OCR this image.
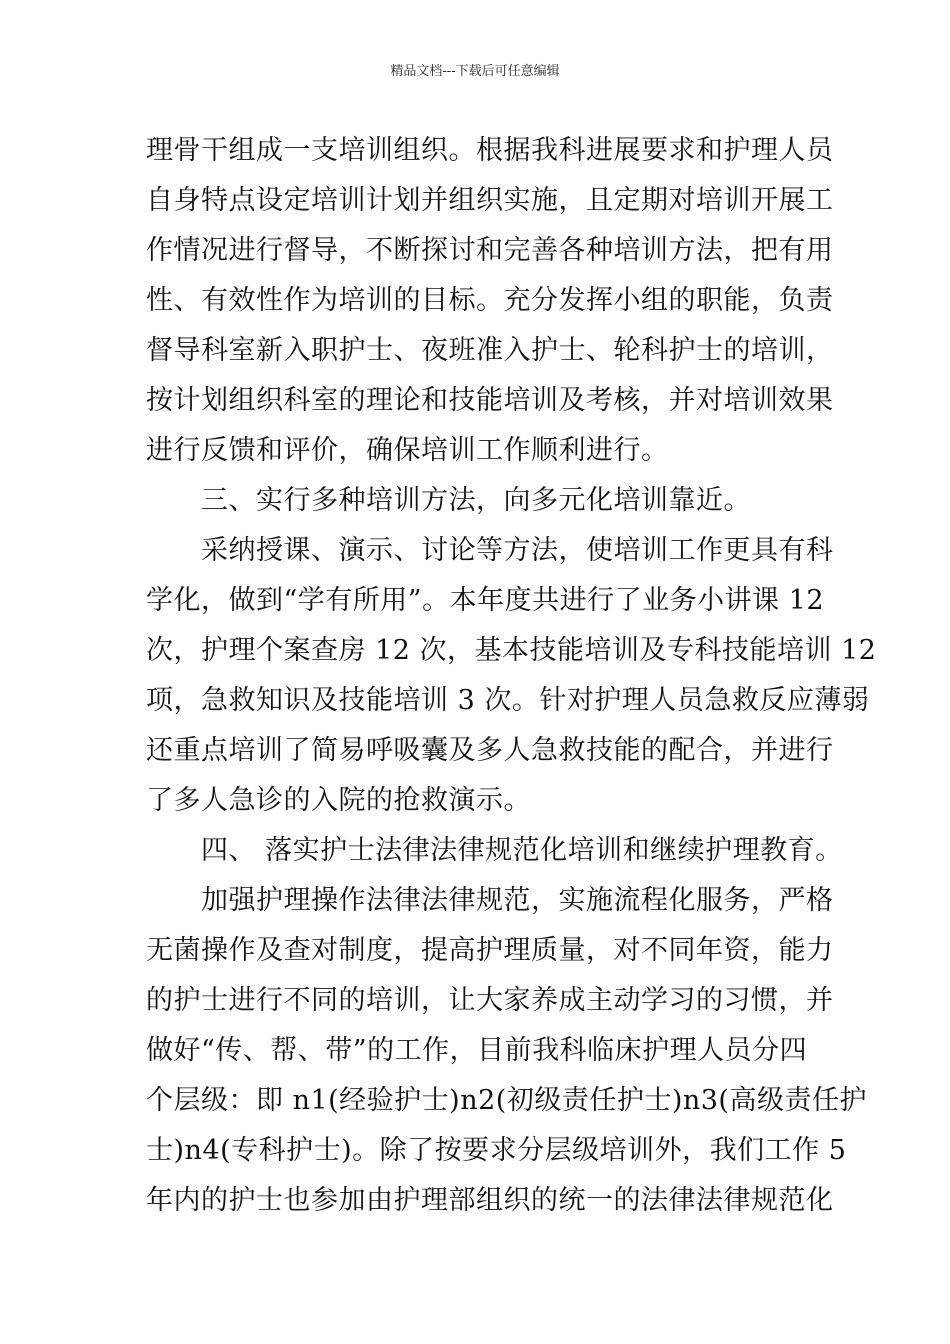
精品文档---下载后可任意编辑
理骨干组成一支培训组织。根据我科进展要求和护理人员
自身特点设定培训计划并组织实施，且定期对培训开展工
作情况进行督导，不断探讨和完善各种培训方法，把有用
性、有效性作为培训的目标。充分发挥小组的职能，负责
督导科室新入职护士、夜班准入护士、轮科护士的培训，
按计划组织科室的理论和技能培训及考核，并对培训效果
进行反馈和评价，确保培训工作顺利进行。
　　三、实行多种培训方法，向多元化培训靠近。
　　采纳授课、演示、讨论等方法，使培训工作更具有科
学化，做到“学有所用”。本年度共进行了业务小讲课 12
次，护理个案查房 12 次，基本技能培训及专科技能培训 12
项，急救知识及技能培训 3 次。针对护理人员急救反应薄弱
还重点培训了简易呼吸囊及多人急救技能的配合，并进行
了多人急诊的入院的抢救演示。
　　四、 落实护士法律法律规范化培训和继续护理教育。
　　加强护理操作法律法律规范，实施流程化服务，严格
无菌操作及查对制度，提高护理质量，对不同年资，能力
的护士进行不同的培训，让大家养成主动学习的习惯，并
做好“传、帮、带”的工作，目前我科临床护理人员分四
个层级：即 n1(经验护士)n2(初级责任护士)n3(高级责任护
士)n4(专科护士)。除了按要求分层级培训外，我们工作 5
年内的护士也参加由护理部组织的统一的法律法律规范化
